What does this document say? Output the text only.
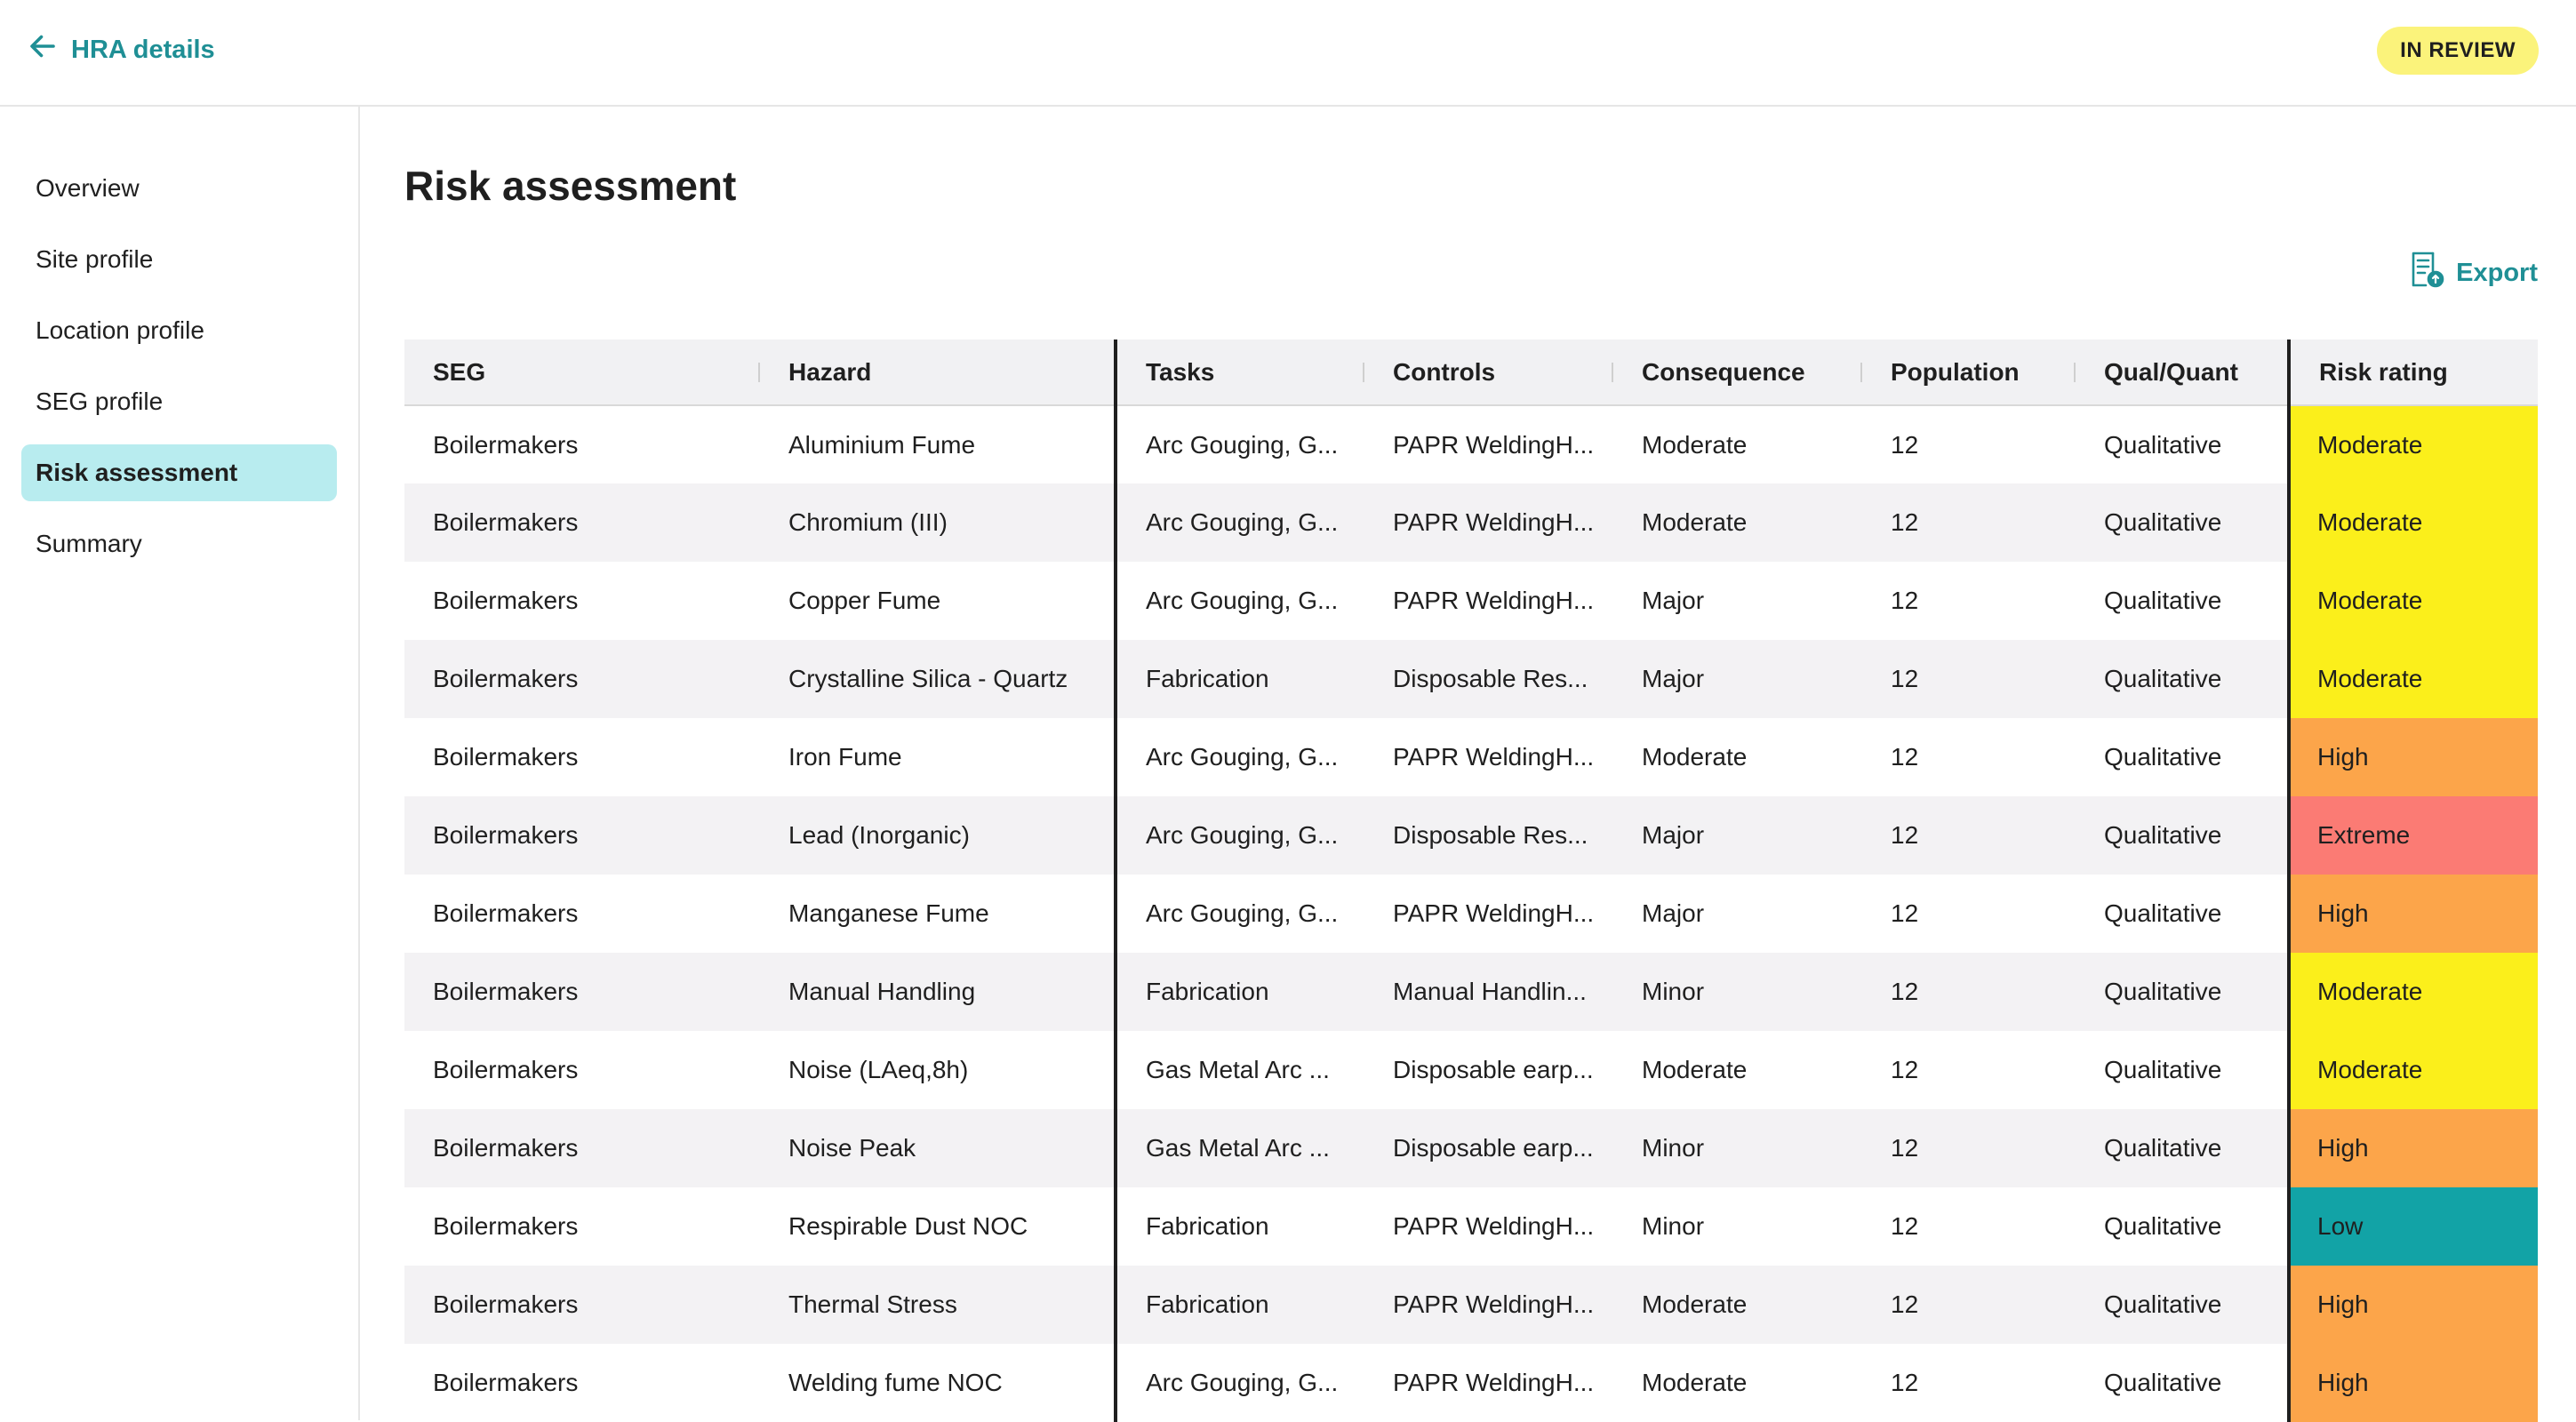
HRA details	IN REVIEW
Overview
Site profile
Location profile
SEG profile
Risk assessment
Summary
Risk assessment
Export
SEG	Hazard	Tasks	Controls	Consequence	Population	Qual/Quant	Risk rating
Boilermakers	Aluminium Fume	Arc Gouging, G...	PAPR WeldingH...	Moderate	12	Qualitative	Moderate
Boilermakers	Chromium (III)	Arc Gouging, G...	PAPR WeldingH...	Moderate	12	Qualitative	Moderate
Boilermakers	Copper Fume	Arc Gouging, G...	PAPR WeldingH...	Major	12	Qualitative	Moderate
Boilermakers	Crystalline Silica - Quartz	Fabrication	Disposable Res...	Major	12	Qualitative	Moderate
Boilermakers	Iron Fume	Arc Gouging, G...	PAPR WeldingH...	Moderate	12	Qualitative	High
Boilermakers	Lead (Inorganic)	Arc Gouging, G...	Disposable Res...	Major	12	Qualitative	Extreme
Boilermakers	Manganese Fume	Arc Gouging, G...	PAPR WeldingH...	Major	12	Qualitative	High
Boilermakers	Manual Handling	Fabrication	Manual Handlin...	Minor	12	Qualitative	Moderate
Boilermakers	Noise (LAeq,8h)	Gas Metal Arc ...	Disposable earp...	Moderate	12	Qualitative	Moderate
Boilermakers	Noise Peak	Gas Metal Arc ...	Disposable earp...	Minor	12	Qualitative	High
Boilermakers	Respirable Dust NOC	Fabrication	PAPR WeldingH...	Minor	12	Qualitative	Low
Boilermakers	Thermal Stress	Fabrication	PAPR WeldingH...	Moderate	12	Qualitative	High
Boilermakers	Welding fume NOC	Arc Gouging, G...	PAPR WeldingH...	Moderate	12	Qualitative	High
